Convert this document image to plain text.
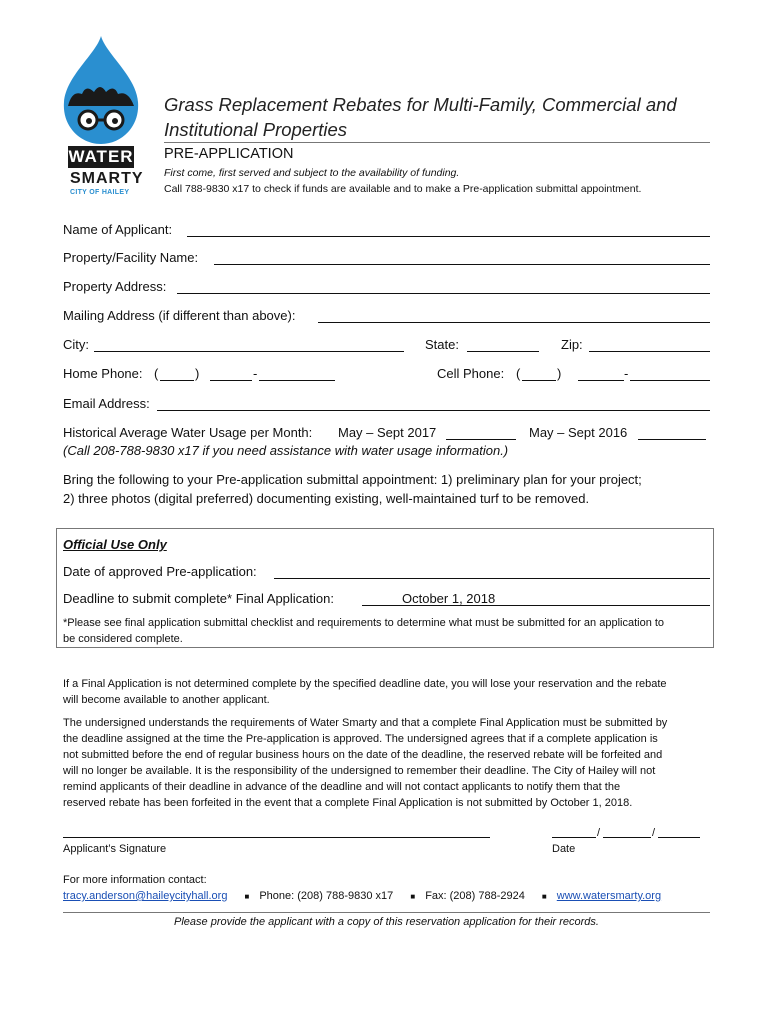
WATER
SMARTY
CITY OF HAILEY
Grass Replacement Rebates for Multi-Family, Commercial and Institutional Properties
PRE-APPLICATION
First come, first served and subject to the availability of funding.
Call 788-9830 x17 to check if funds are available and to make a Pre-application submittal appointment.
Name of Applicant:
Property/Facility Name:
Property Address:
Mailing Address (if different than above):
City:	State:	Zip:
Home Phone: (	)	-	Cell Phone: (	)	-
Email Address:
Historical Average Water Usage per Month: May – Sept 2017	May – Sept 2016
(Call 208-788-9830 x17 if you need assistance with water usage information.)
Bring the following to your Pre-application submittal appointment: 1) preliminary plan for your project;
2) three photos (digital preferred) documenting existing, well-maintained turf to be removed.
Official Use Only
Date of approved Pre-application:
Deadline to submit complete* Final Application:	October 1, 2018
*Please see final application submittal checklist and requirements to determine what must be submitted for an application to
be considered complete.
If a Final Application is not determined complete by the specified deadline date, you will lose your reservation and the rebate
will become available to another applicant.
The undersigned understands the requirements of Water Smarty and that a complete Final Application must be submitted by
the deadline assigned at the time the Pre-application is approved. The undersigned agrees that if a complete application is
not submitted before the end of regular business hours on the date of the deadline, the reserved rebate will be forfeited and
will no longer be available. It is the responsibility of the undersigned to remember their deadline. The City of Hailey will not
remind applicants of their deadline in advance of the deadline and will not contact applicants to notify them that the
reserved rebate has been forfeited in the event that a complete Final Application is not submitted by October 1, 2018.
Applicant’s Signature
/	/
Date
For more information contact:
tracy.anderson@haileycityhall.org ■ Phone: (208) 788-9830 x17 ■ Fax: (208) 788-2924 ■ www.watersmarty.org
Please provide the applicant with a copy of this reservation application for their records.
